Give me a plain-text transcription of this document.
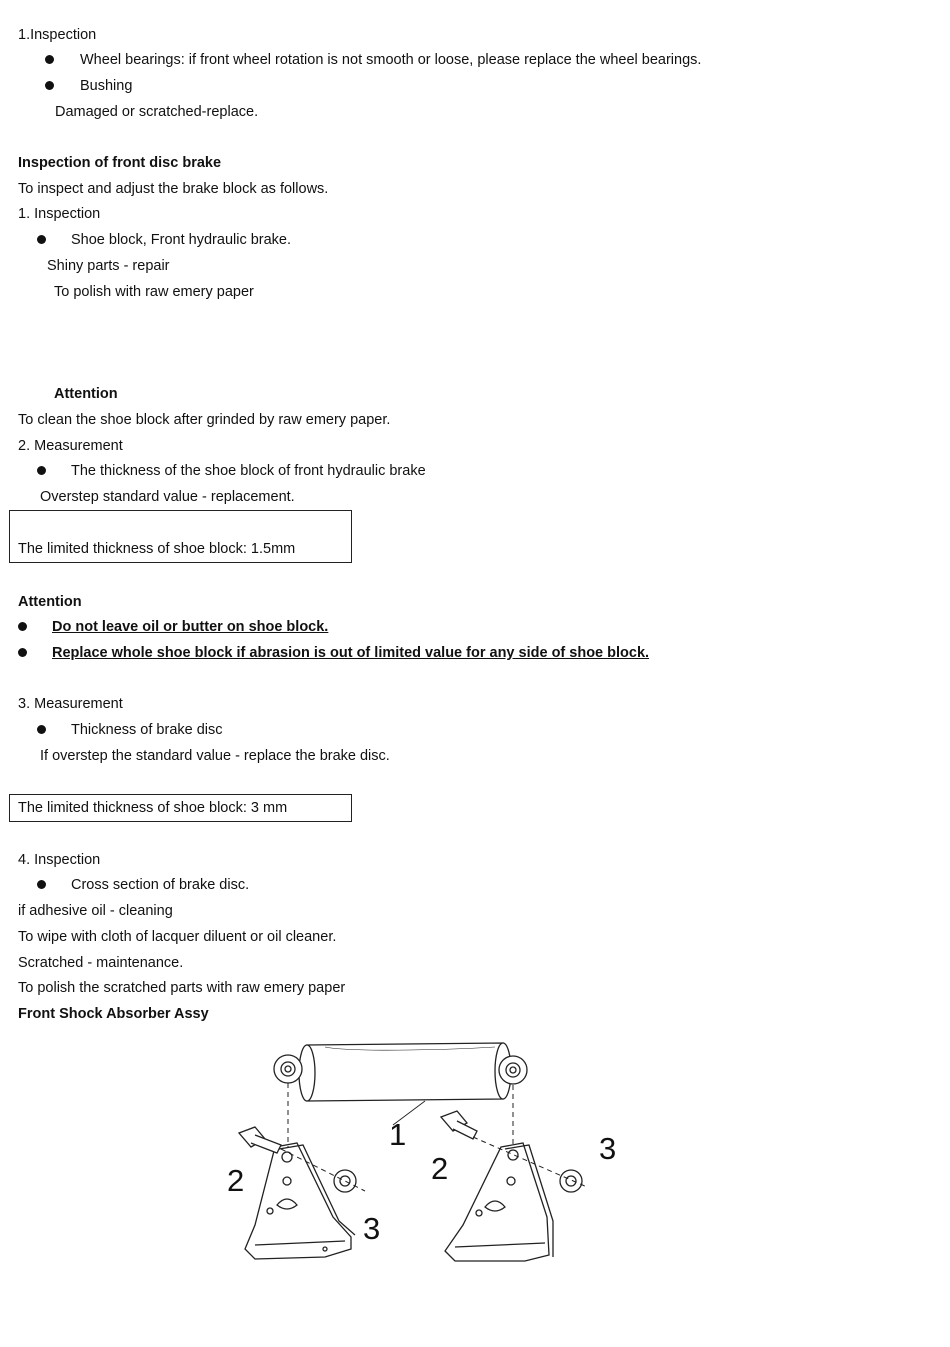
1.Inspection
Wheel bearings: if front wheel rotation is not smooth or loose, please replace the wheel bearings.
Bushing
Damaged or scratched-replace.
Inspection of front disc brake
To inspect and adjust the brake block as follows.
1. Inspection
Shoe block, Front hydraulic brake.
Shiny parts - repair
To polish with raw emery paper
Attention
To clean the shoe block after grinded by raw emery paper.
2. Measurement
The thickness of the shoe block of front hydraulic brake
Overstep standard value - replacement.
The limited thickness of shoe block: 1.5mm
Attention
Do not leave oil or butter on shoe block.
Replace whole shoe block if abrasion is out of limited value for any side of shoe block.
3. Measurement
Thickness of brake disc
If overstep the standard value - replace the brake disc.
The limited thickness of shoe block: 3 mm
4. Inspection
Cross section of brake disc.
if adhesive oil - cleaning
To wipe with cloth of lacquer diluent or oil cleaner.
Scratched - maintenance.
To polish the scratched parts with raw emery paper
Front Shock Absorber Assy
1
2	2
3
3
